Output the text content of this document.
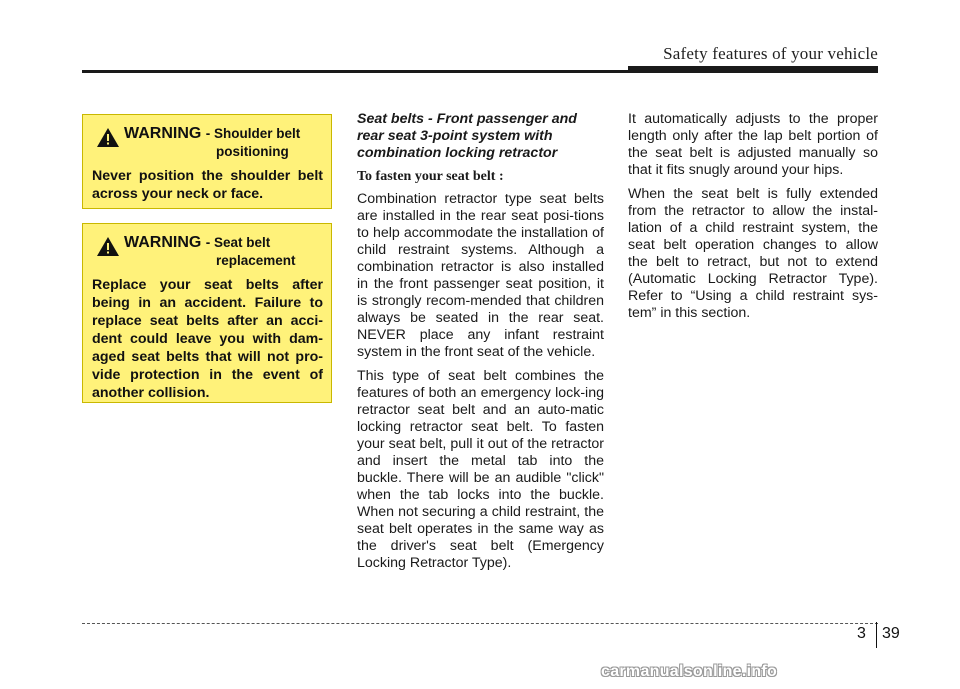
Safety features of your vehicle
WARNING - Shoulder belt
positioning
Never position the shoulder belt across your neck or face.
WARNING - Seat belt
replacement
Replace your seat belts after being in an accident. Failure to replace seat belts after an acci-dent could leave you with dam-aged seat belts that will not pro-vide protection in the event of another collision.
Seat belts - Front passenger and rear seat 3-point system with combination locking retractor
To fasten your seat belt :

Combination retractor type seat belts are installed in the rear seat posi-tions to help accommodate the installation of child restraint systems. Although a combination retractor is also installed in the front passenger seat position, it is strongly recom-mended that children always be seated in the rear seat. NEVER place any infant restraint system in the front seat of the vehicle.

This type of seat belt combines the features of both an emergency lock-ing retractor seat belt and an auto-matic locking retractor seat belt. To fasten your seat belt, pull it out of the retractor and insert the metal tab into the buckle. There will be an audible "click" when the tab locks into the buckle. When not securing a child restraint, the seat belt operates in the same way as the driver's seat belt (Emergency Locking Retractor Type).

It automatically adjusts to the proper length only after the lap belt portion of the seat belt is adjusted manually so that it fits snugly around your hips.

When the seat belt is fully extended from the retractor to allow the instal-lation of a child restraint system, the seat belt operation changes to allow the belt to retract, but not to extend (Automatic Locking Retractor Type). Refer to “Using a child restraint sys-tem” in this section.

3 39
carmanualsonline.info
